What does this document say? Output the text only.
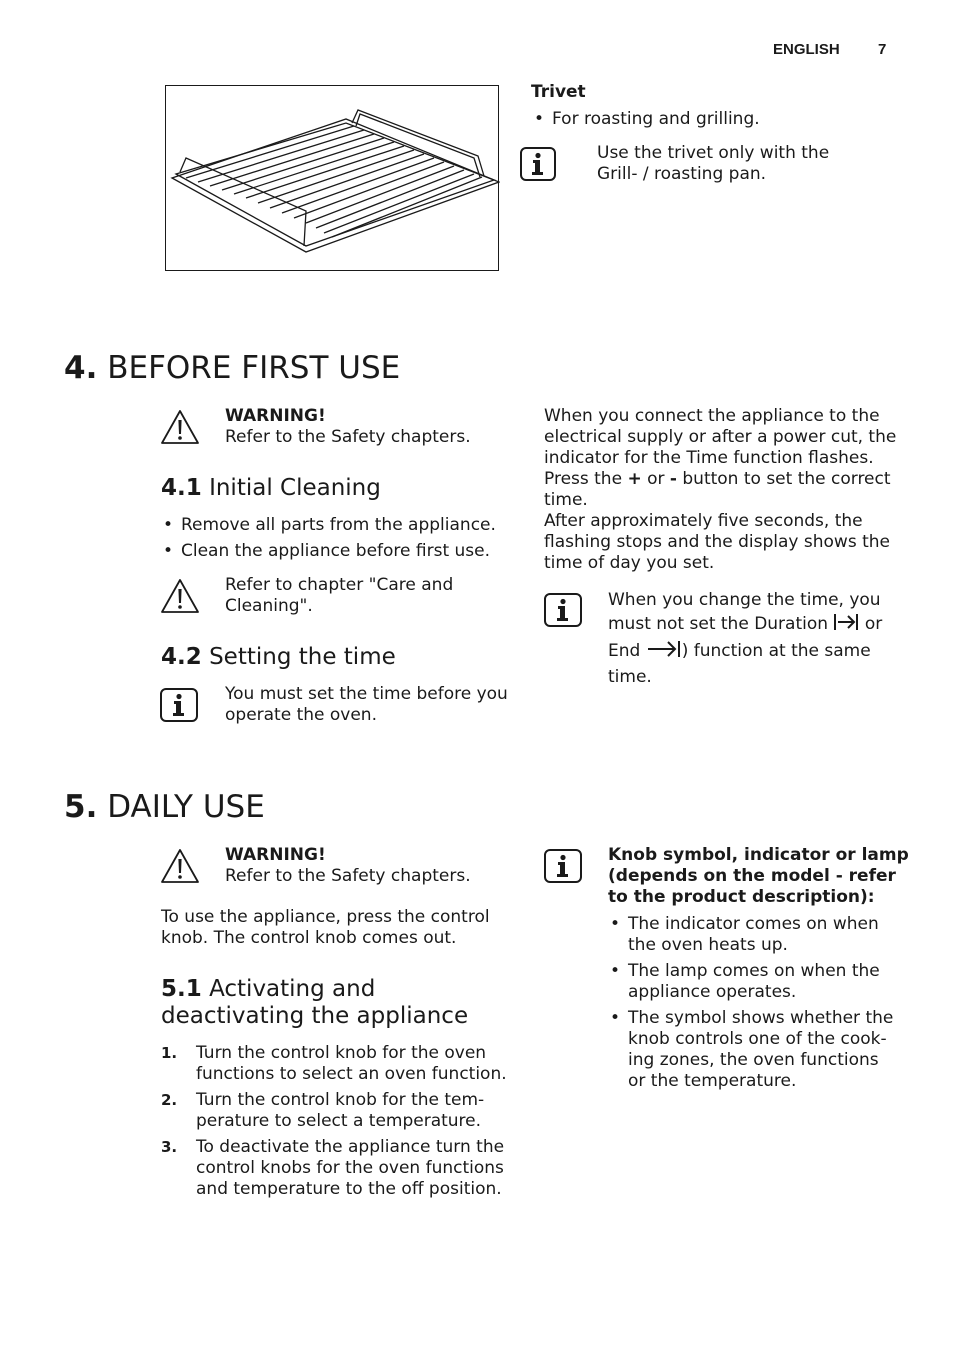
ENGLISH	7
Trivet
• For roasting and grilling.
Use the trivet only with the
Grill- / roasting pan.
4. BEFORE FIRST USE
WARNING!
Refer to the Safety chapters.
4.1 Initial Cleaning
• Remove all parts from the appliance.
• Clean the appliance before first use.
Refer to chapter "Care and
Cleaning".
4.2 Setting the time
You must set the time before you
operate the oven.
When you connect the appliance to the
electrical supply or after a power cut, the
indicator for the Time function flashes.
Press the + or - button to set the correct
time.
After approximately five seconds, the
flashing stops and the display shows the
time of day you set.
When you change the time, you
must not set the Duration  or
End ) function at the same
time.
5. DAILY USE
WARNING!
Refer to the Safety chapters.
To use the appliance, press the control
knob. The control knob comes out.
5.1 Activating and
deactivating the appliance
1. Turn the control knob for the oven
functions to select an oven function.
2. Turn the control knob for the tem-
perature to select a temperature.
3. To deactivate the appliance turn the
control knobs for the oven functions
and temperature to the off position.
Knob symbol, indicator or lamp
(depends on the model - refer
to the product description):
• The indicator comes on when
the oven heats up.
• The lamp comes on when the
appliance operates.
• The symbol shows whether the
knob controls one of the cook-
ing zones, the oven functions
or the temperature.
